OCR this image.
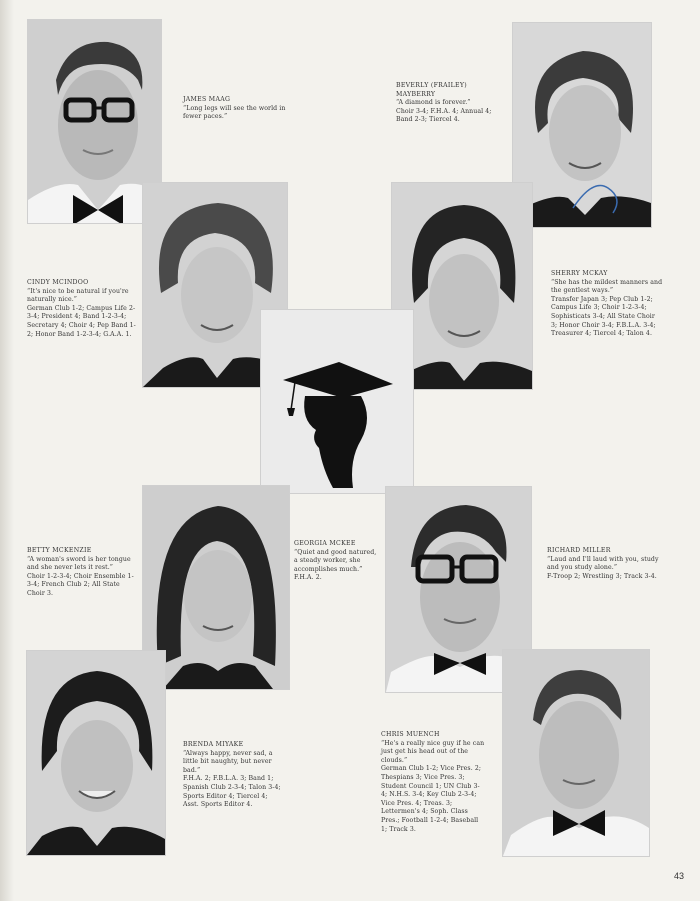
JAMES MAAG
“Long legs will see the world in fewer paces.”
BEVERLY (FRAILEY) MAYBERRY
“A diamond is forever.”
Choir 3-4; F.H.A. 4; Annual 4; Band 2-3; Tiercel 4.
CINDY MCINDOO
“It's nice to be natural if you're naturally nice.”
German Club 1-2; Campus Life 2-3-4; President 4; Band 1-2-3-4; Secretary 4; Choir 4; Pep Band 1-2; Honor Band 1-2-3-4; G.A.A. 1.
SHERRY MCKAY
“She has the mildest manners and the gentlest ways.”
Transfer Japan 3; Pep Club 1-2; Campus Life 3; Choir 1-2-3-4; Sophisticats 3-4; All State Choir 3; Honor Choir 3-4; F.B.L.A. 3-4; Treasurer 4; Tiercel 4; Talon 4.
BETTY MCKENZIE
“A woman's sword is her tongue and she never lets it rest.”
Choir 1-2-3-4; Choir Ensemble 1-3-4; French Club 2; All State Choir 3.
GEORGIA MCKEE
“Quiet and good natured, a steady worker, she accomplishes much.”
F.H.A. 2.
RICHARD MILLER
“Laud and I'll laud with you, study and you study alone.”
F-Troop 2; Wrestling 3; Track 3-4.
BRENDA MIYAKE
“Always happy, never sad, a little bit naughty, but never bad.”
F.H.A. 2; F.B.L.A. 3; Band 1; Spanish Club 2-3-4; Talon 3-4; Sports Editor 4; Tiercel 4; Asst. Sports Editor 4.
CHRIS MUENCH
“He's a really nice guy if he can just get his head out of the clouds.”
German Club 1-2; Vice Pres. 2; Thespians 3; Vice Pres. 3; Student Council 1; UN Club 3-4; N.H.S. 3-4; Key Club 2-3-4; Vice Pres. 4; Treas. 3; Lettermen's 4; Soph. Class Pres.; Football 1-2-4; Baseball 1; Track 3.
43
